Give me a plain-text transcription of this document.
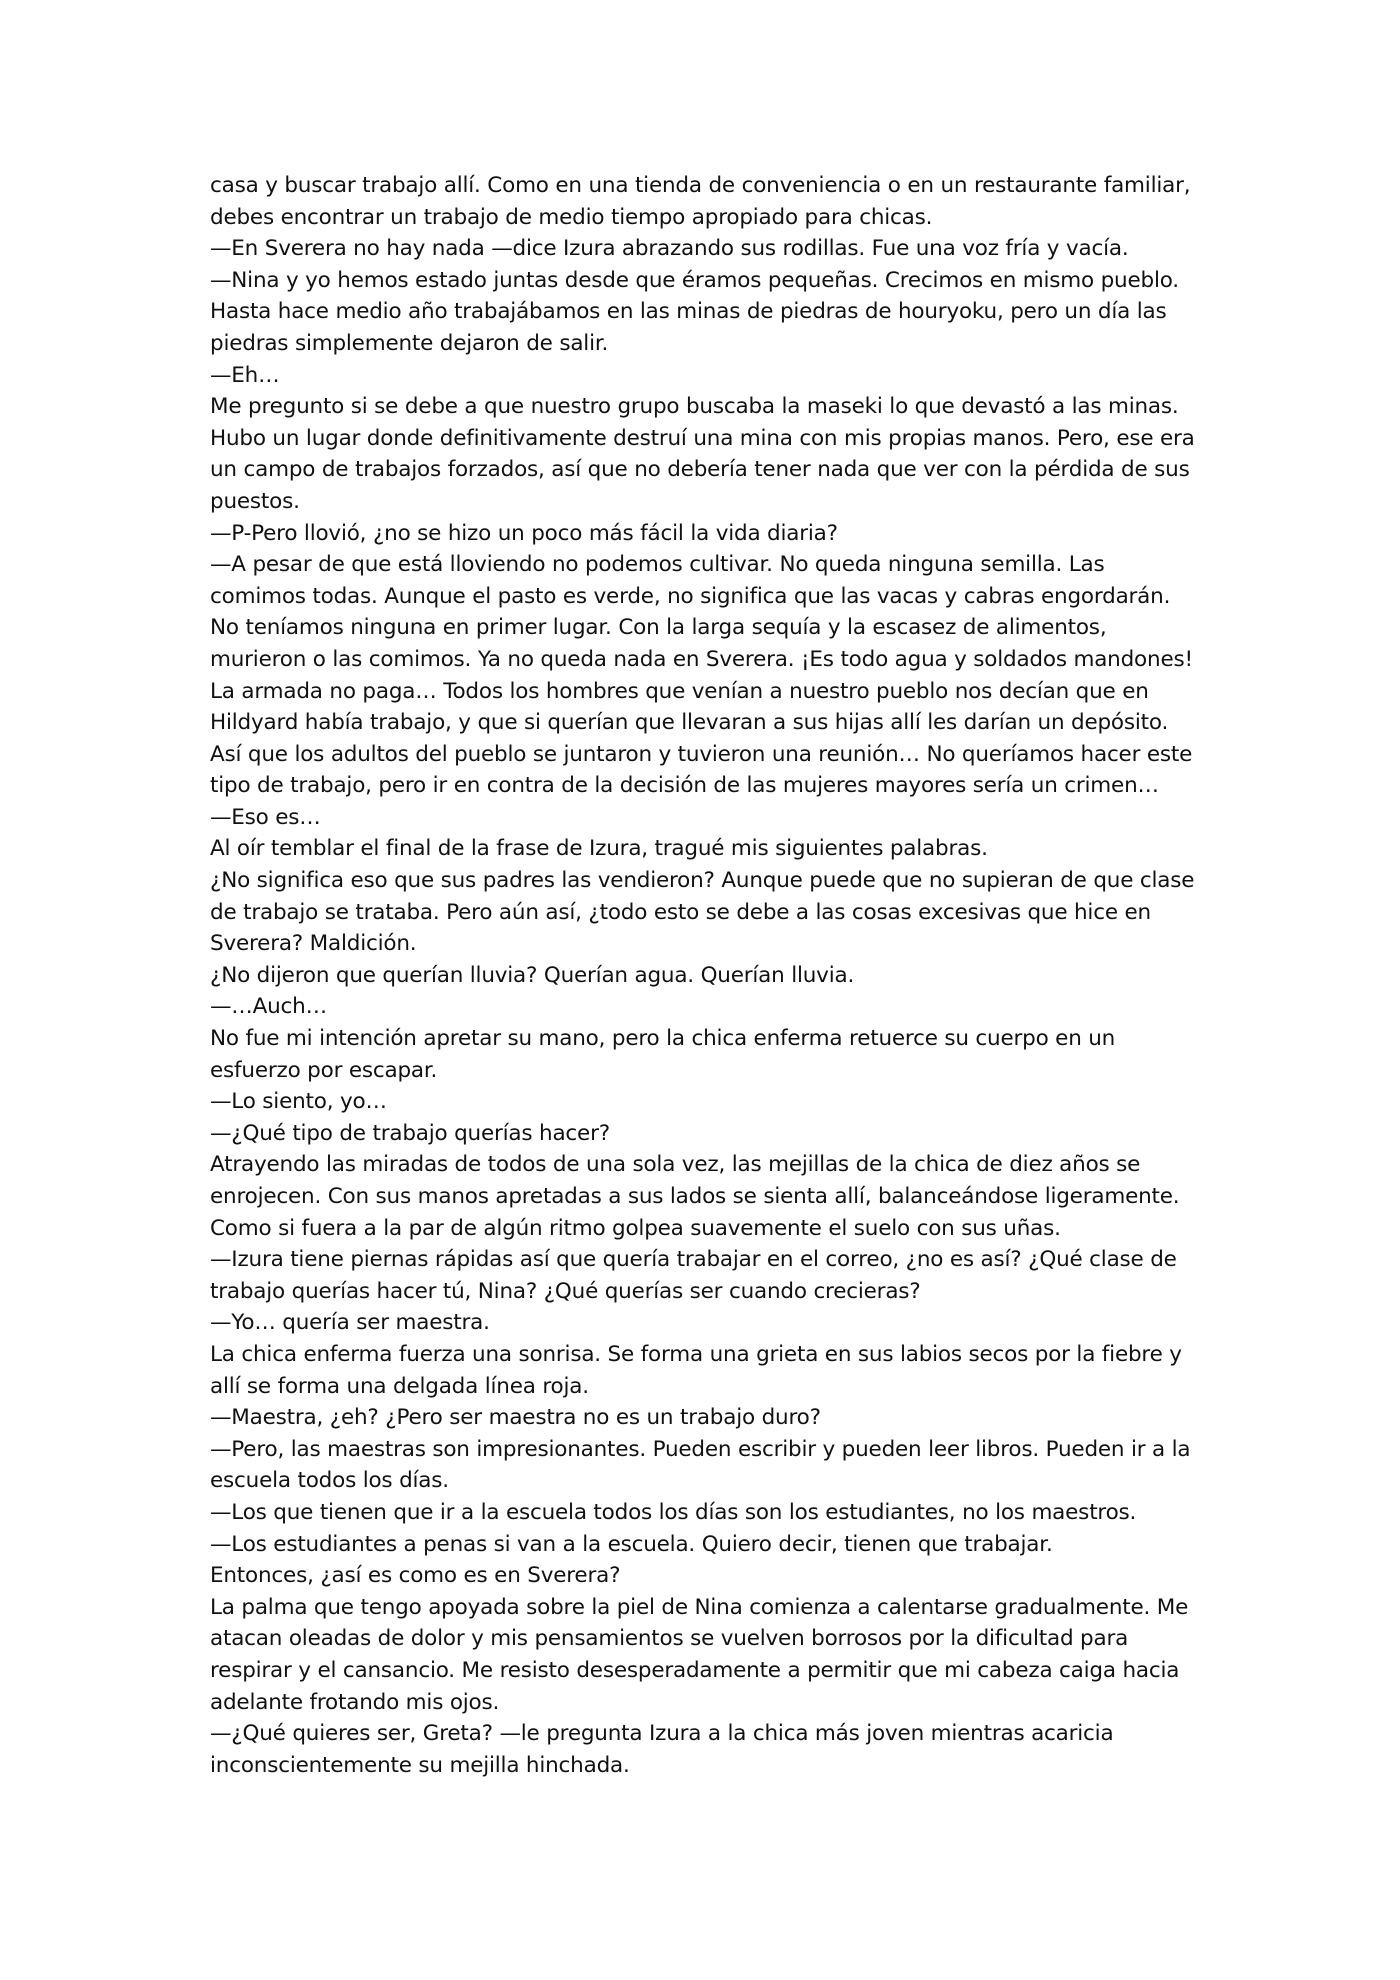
casa y buscar trabajo allí. Como en una tienda de conveniencia o en un restaurante familiar, debes encontrar un trabajo de medio tiempo apropiado para chicas.

—En Sverera no hay nada —dice Izura abrazando sus rodillas. Fue una voz fría y vacía.

—Nina y yo hemos estado juntas desde que éramos pequeñas. Crecimos en mismo pueblo. Hasta hace medio año trabajábamos en las minas de piedras de houryoku, pero un día las piedras simplemente dejaron de salir.

—Eh…

Me pregunto si se debe a que nuestro grupo buscaba la maseki lo que devastó a las minas. Hubo un lugar donde definitivamente destruí una mina con mis propias manos. Pero, ese era un campo de trabajos forzados, así que no debería tener nada que ver con la pérdida de sus puestos.

—P-Pero llovió, ¿no se hizo un poco más fácil la vida diaria?

—A pesar de que está lloviendo no podemos cultivar. No queda ninguna semilla. Las comimos todas. Aunque el pasto es verde, no significa que las vacas y cabras engordarán. No teníamos ninguna en primer lugar. Con la larga sequía y la escasez de alimentos, murieron o las comimos. Ya no queda nada en Sverera. ¡Es todo agua y soldados mandones! La armada no paga… Todos los hombres que venían a nuestro pueblo nos decían que en Hildyard había trabajo, y que si querían que llevaran a sus hijas allí les darían un depósito. Así que los adultos del pueblo se juntaron y tuvieron una reunión… No queríamos hacer este tipo de trabajo, pero ir en contra de la decisión de las mujeres mayores sería un crimen…

—Eso es…

Al oír temblar el final de la frase de Izura, tragué mis siguientes palabras.

¿No significa eso que sus padres las vendieron? Aunque puede que no supieran de que clase de trabajo se trataba. Pero aún así, ¿todo esto se debe a las cosas excesivas que hice en Sverera? Maldición.

¿No dijeron que querían lluvia? Querían agua. Querían lluvia.

—…Auch…

No fue mi intención apretar su mano, pero la chica enferma retuerce su cuerpo en un esfuerzo por escapar.

—Lo siento, yo…

—¿Qué tipo de trabajo querías hacer?

Atrayendo las miradas de todos de una sola vez, las mejillas de la chica de diez años se enrojecen. Con sus manos apretadas a sus lados se sienta allí, balanceándose ligeramente. Como si fuera a la par de algún ritmo golpea suavemente el suelo con sus uñas.

—Izura tiene piernas rápidas así que quería trabajar en el correo, ¿no es así? ¿Qué clase de trabajo querías hacer tú, Nina? ¿Qué querías ser cuando crecieras?

—Yo… quería ser maestra.

La chica enferma fuerza una sonrisa. Se forma una grieta en sus labios secos por la fiebre y allí se forma una delgada línea roja.

—Maestra, ¿eh? ¿Pero ser maestra no es un trabajo duro?

—Pero, las maestras son impresionantes. Pueden escribir y pueden leer libros. Pueden ir a la escuela todos los días.

—Los que tienen que ir a la escuela todos los días son los estudiantes, no los maestros.

—Los estudiantes a penas si van a la escuela. Quiero decir, tienen que trabajar.

Entonces, ¿así es como es en Sverera?

La palma que tengo apoyada sobre la piel de Nina comienza a calentarse gradualmente. Me atacan oleadas de dolor y mis pensamientos se vuelven borrosos por la dificultad para respirar y el cansancio. Me resisto desesperadamente a permitir que mi cabeza caiga hacia adelante frotando mis ojos.

—¿Qué quieres ser, Greta? —le pregunta Izura a la chica más joven mientras acaricia inconscientemente su mejilla hinchada.
